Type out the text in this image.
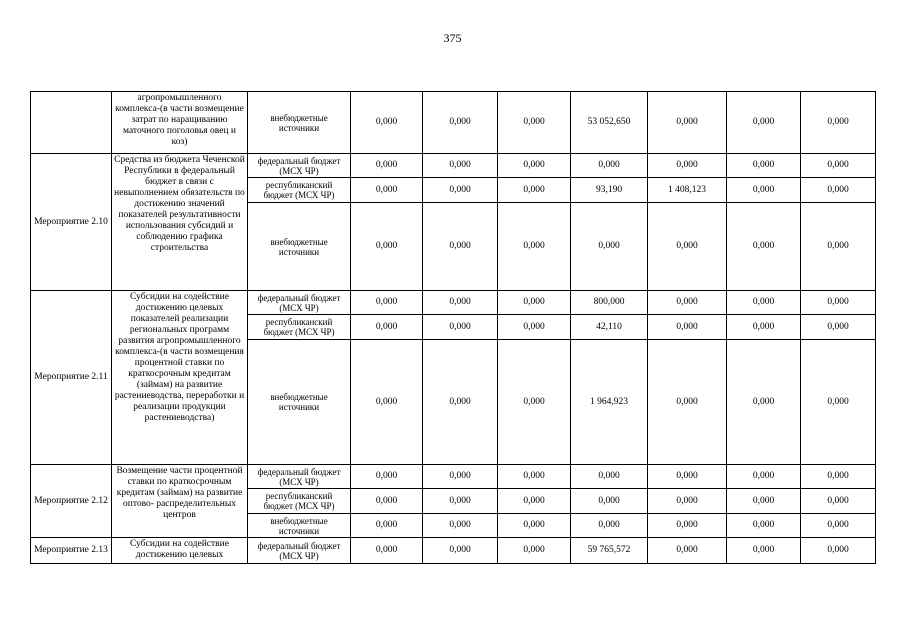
375
	агропромышленного комплекса-(в части возмещение затрат по наращиванию маточного поголовья овец и коз)	внебюджетные источники	0,000	0,000	0,000	53 052,650	0,000	0,000	0,000
Мероприятие 2.10	Средства из бюджета Чеченской Республики в федеральный бюджет в связи с невыполнением обязательств по достижению значений показателей результативности использования субсидий и соблюдению графика строительства	федеральный бюджет (МСХ ЧР)	0,000	0,000	0,000	0,000	0,000	0,000	0,000
		республиканский бюджет (МСХ ЧР)	0,000	0,000	0,000	93,190	1 408,123	0,000	0,000
		внебюджетные источники	0,000	0,000	0,000	0,000	0,000	0,000	0,000
Мероприятие 2.11	Субсидии на содействие достижению целевых показателей реализации региональных программ развития агропромышленного комплекса-(в части возмещения процентной ставки по краткосрочным кредитам (займам) на развитие растениеводства, переработки и реализации продукции растениеводства)	федеральный бюджет (МСХ ЧР)	0,000	0,000	0,000	800,000	0,000	0,000	0,000
		республиканский бюджет (МСХ ЧР)	0,000	0,000	0,000	42,110	0,000	0,000	0,000
		внебюджетные источники	0,000	0,000	0,000	1 964,923	0,000	0,000	0,000
Мероприятие 2.12	Возмещение части процентной ставки по краткосрочным кредитам (займам) на развитие оптово- распределительных центров	федеральный бюджет (МСХ ЧР)	0,000	0,000	0,000	0,000	0,000	0,000	0,000
		республиканский бюджет (МСХ ЧР)	0,000	0,000	0,000	0,000	0,000	0,000	0,000
		внебюджетные источники	0,000	0,000	0,000	0,000	0,000	0,000	0,000
Мероприятие 2.13	Субсидии на содействие достижению целевых	федеральный бюджет (МСХ ЧР)	0,000	0,000	0,000	59 765,572	0,000	0,000	0,000
